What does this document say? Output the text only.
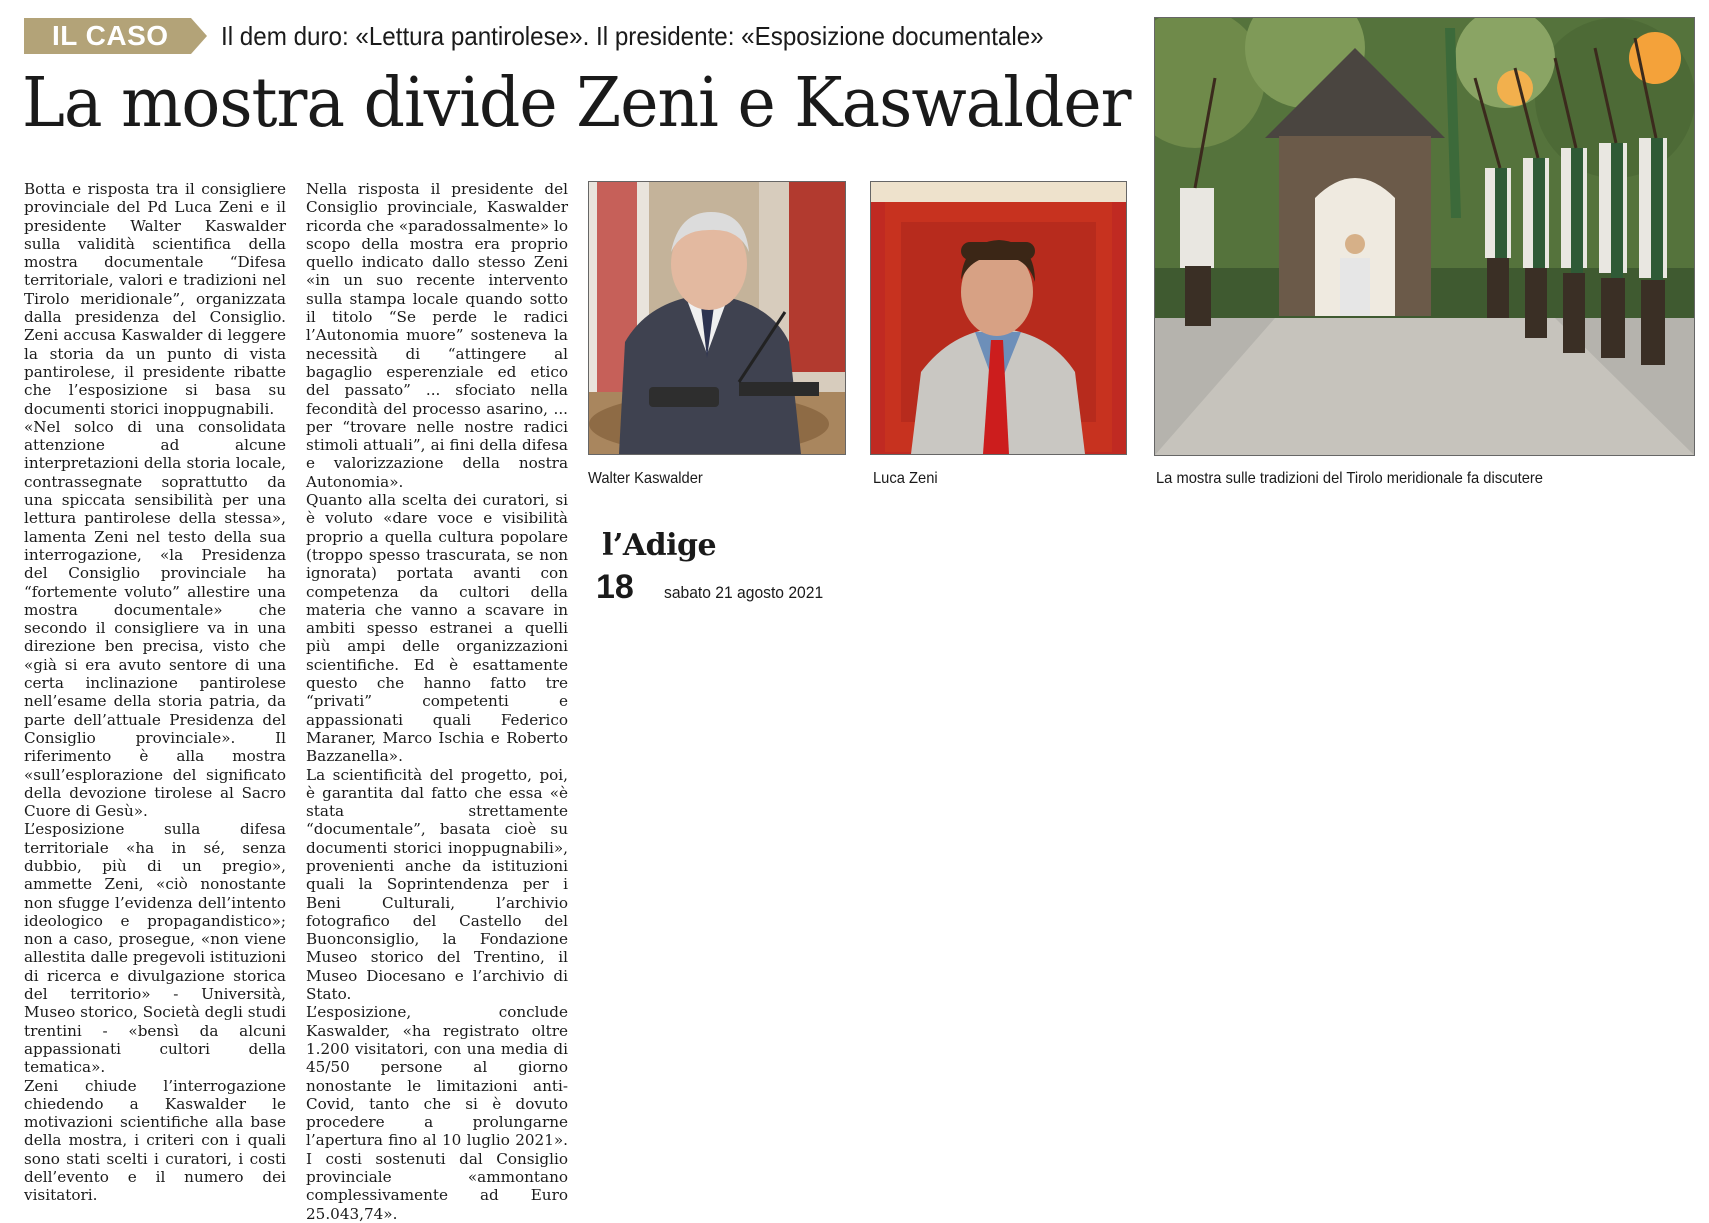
IL CASO	Il dem duro: «Lettura pantirolese». Il presidente: «Esposizione documentale»
La mostra divide Zeni e Kaswalder

Botta e risposta tra il consigliere provinciale del Pd Luca Zeni e il presidente Walter Kaswalder sulla validità scientifica della mostra documentale “Difesa territoriale, valori e tradizioni nel Tirolo meridionale”, organizzata dalla presidenza del Consiglio. Zeni accusa Kaswalder di leggere la storia da un punto di vista pantirolese, il presidente ribatte che l’esposizione si basa su documenti storici inoppugnabili.

«Nel solco di una consolidata attenzione ad alcune interpretazioni della storia locale, contrassegnate soprattutto da una spiccata sensibilità per una lettura pantirolese della stessa», lamenta Zeni nel testo della sua interrogazione, «la Presidenza del Consiglio provinciale ha “fortemente voluto” allestire una mostra documentale» che secondo il consigliere va in una direzione ben precisa, visto che «già si era avuto sentore di una certa inclinazione pantirolese nell’esame della storia patria, da parte dell’attuale Presidenza del Consiglio provinciale». Il riferimento è alla mostra «sull’esplorazione del significato della devozione tirolese al Sacro Cuore di Gesù».

L’esposizione sulla difesa territoriale «ha in sé, senza dubbio, più di un pregio», ammette Zeni, «ciò nonostante non sfugge l’evidenza dell’intento ideologico e propagandistico»; non a caso, prosegue, «non viene allestita dalle pregevoli istituzioni di ricerca e divulgazione storica del territorio» - Università, Museo storico, Società degli studi trentini - «bensì da alcuni appassionati cultori della tematica».

Zeni chiude l’interrogazione chiedendo a Kaswalder le motivazioni scientifiche alla base della mostra, i criteri con i quali sono stati scelti i curatori, i costi dell’evento e il numero dei visitatori.

Nella risposta il presidente del Consiglio provinciale, Kaswalder ricorda che «paradossalmente» lo scopo della mostra era proprio quello indicato dallo stesso Zeni «in un suo recente intervento sulla stampa locale quando sotto il titolo “Se perde le radici l’Autonomia muore” sosteneva la necessità di “attingere al bagaglio esperenziale ed etico del passato” ... sfociato nella fecondità del processo asarino, ... per “trovare nelle nostre radici stimoli attuali”, ai fini della difesa e valorizzazione della nostra Autonomia».

Quanto alla scelta dei curatori, si è voluto «dare voce e visibilità proprio a quella cultura popolare (troppo spesso trascurata, se non ignorata) portata avanti con competenza da cultori della materia che vanno a scavare in ambiti spesso estranei a quelli più ampi delle organizzazioni scientifiche. Ed è esattamente questo che hanno fatto tre “privati” competenti e appassionati quali Federico Maraner, Marco Ischia e Roberto Bazzanella».

La scientificità del progetto, poi, è garantita dal fatto che essa «è stata strettamente “documentale”, basata cioè su documenti storici inoppugnabili», provenienti anche da istituzioni quali la Soprintendenza per i Beni Culturali, l’archivio fotografico del Castello del Buonconsiglio, la Fondazione Museo storico del Trentino, il Museo Diocesano e l’archivio di Stato.

L’esposizione, conclude Kaswalder, «ha registrato oltre 1.200 visitatori, con una media di 45/50 persone al giorno nonostante le limitazioni anti-Covid, tanto che si è dovuto procedere a prolungarne l’apertura fino al 10 luglio 2021». I costi sostenuti dal Consiglio provinciale «ammontano complessivamente ad Euro 25.043,74».

Walter Kaswalder	Luca Zeni	La mostra sulle tradizioni del Tirolo meridionale fa discutere
l’Adige
18 sabato 21 agosto 2021
